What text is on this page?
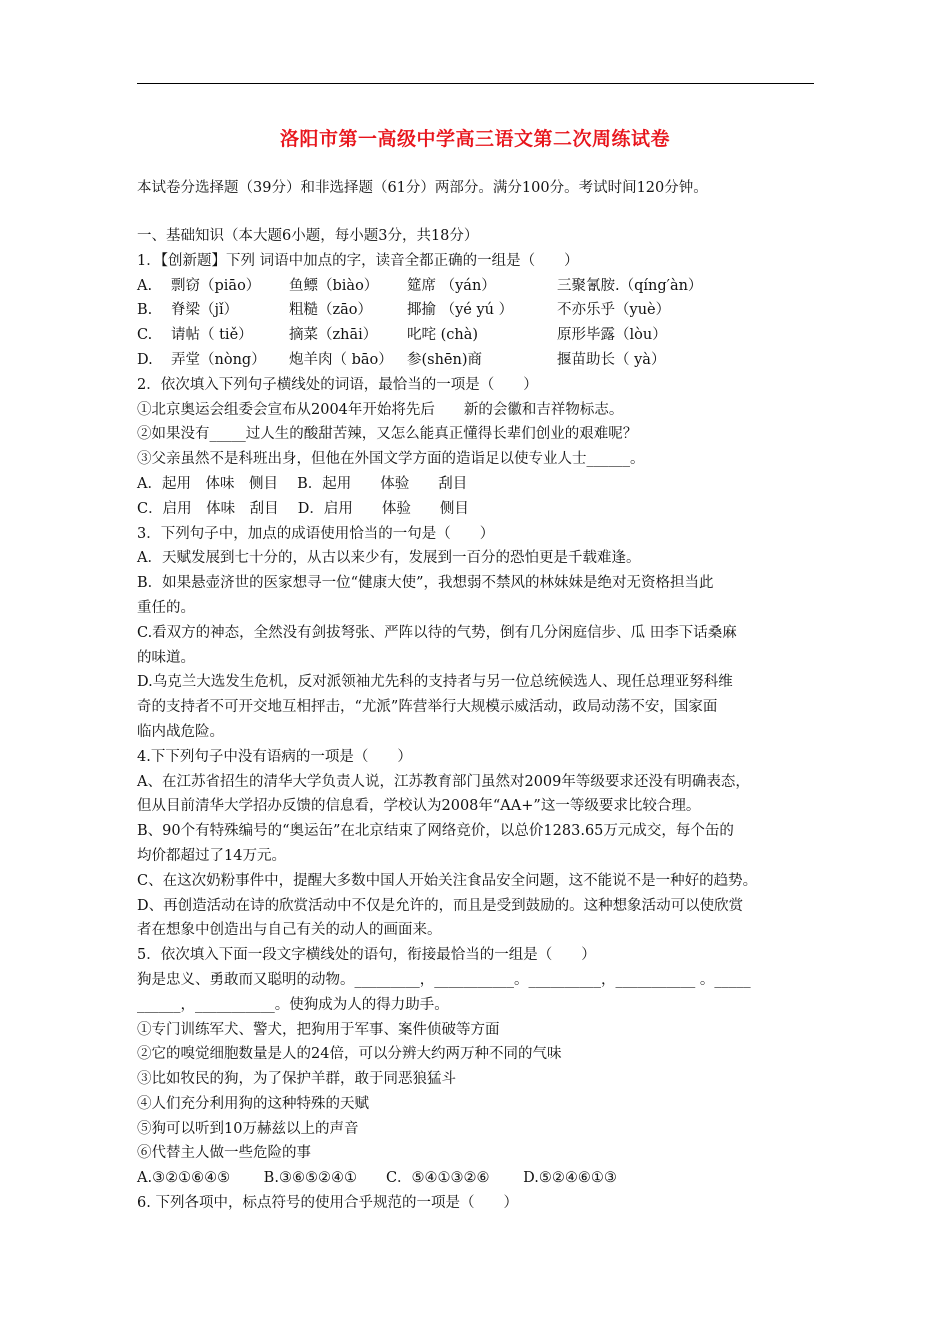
洛阳市第一高级中学高三语文第二次周练试卷
本试卷分选择题（39分）和非选择题（61分）两部分。满分100分。考试时间120分钟。
一、基础知识（本大题6小题，每小题3分，共18分）
1．【创新题】下列 词语中加点的字，读音全都正确的一组是（　　）
A. 剽窃（piāo） 鱼鳔（biào） 筵席 （yán）	三聚氰胺.（qíng′àn）
B. 脊梁（jǐ）	粗糙（zāo） 揶揄 （yé yú ）	不亦乐乎（yuè）
C. 请帖（ tiě）	摘菜（zhāi） 叱咤 (chà)	原形毕露（lòu）
D. 弄堂（nòng） 炮羊肉（ bāo） 参(shēn)商	揠苗助长（ yà）
2．依次填入下列句子横线处的词语，最恰当的一项是（　　）
①北京奥运会组委会宣布从2004年开始将先后　　新的会徽和吉祥物标志。
②如果没有_____过人生的酸甜苦辣，又怎么能真正懂得长辈们创业的艰难呢？
③父亲虽然不是科班出身，但他在外国文学方面的造诣足以使专业人士______。
A．起用　体味　侧目　 B．起用　　体验　　刮目
C．启用　体味　刮目　 D．启用　　体验　　侧目
3．下列句子中，加点的成语使用恰当的一句是（　　）
A．天赋发展到七十分的，从古以来少有，发展到一百分的恐怕更是千载难逢。
B．如果悬壶济世的医家想寻一位“健康大使”，我想弱不禁风的林妹妹是绝对无资格担当此
重任的。
C.看双方的神态，全然没有剑拔弩张、严阵以待的气势，倒有几分闲庭信步、瓜 田李下话桑麻
的味道。
D.乌克兰大选发生危机，反对派领袖尤先科的支持者与另一位总统候选人、现任总理亚努科维
奇的支持者不可开交地互相抨击，“尤派”阵营举行大规模示威活动，政局动荡不安，国家面
临内战危险。
4.下下列句子中没有语病的一项是（　　）
A、在江苏省招生的清华大学负责人说，江苏教育部门虽然对2009年等级要求还没有明确表态，
但从目前清华大学招办反馈的信息看，学校认为2008年“AA+”这一等级要求比较合理。
B、90个有特殊编号的“奥运缶”在北京结束了网络竞价，以总价1283.65万元成交，每个缶的
均价都超过了14万元。
C、在这次奶粉事件中，提醒大多数中国人开始关注食品安全问题，这不能说不是一种好的趋势。
D、再创造活动在诗的欣赏活动中不仅是允许的，而且是受到鼓励的。这种想象活动可以使欣赏
者在想象中创造出与自己有关的动人的画面来。
5．依次填入下面一段文字横线处的语句，衔接最恰当的一组是（　　）
狗是忠义、勇敢而又聪明的动物。_________，___________。__________，___________ 。_____
______，___________。使狗成为人的得力助手。
①专门训练军犬、警犬，把狗用于军事、案件侦破等方面
②它的嗅觉细胞数量是人的24倍，可以分辨大约两万种不同的气味
③比如牧民的狗，为了保护羊群，敢于同恶狼猛斗
④人们充分利用狗的这种特殊的天赋
⑤狗可以听到10万赫兹以上的声音
⑥代替主人做一些危险的事
A.③②①⑥④⑤　　 B.③⑥⑤②④①　　C．⑤④①③②⑥　　 D.⑤②④⑥①③
6. 下列各项中，标点符号的使用合乎规范的一项是（　　）
